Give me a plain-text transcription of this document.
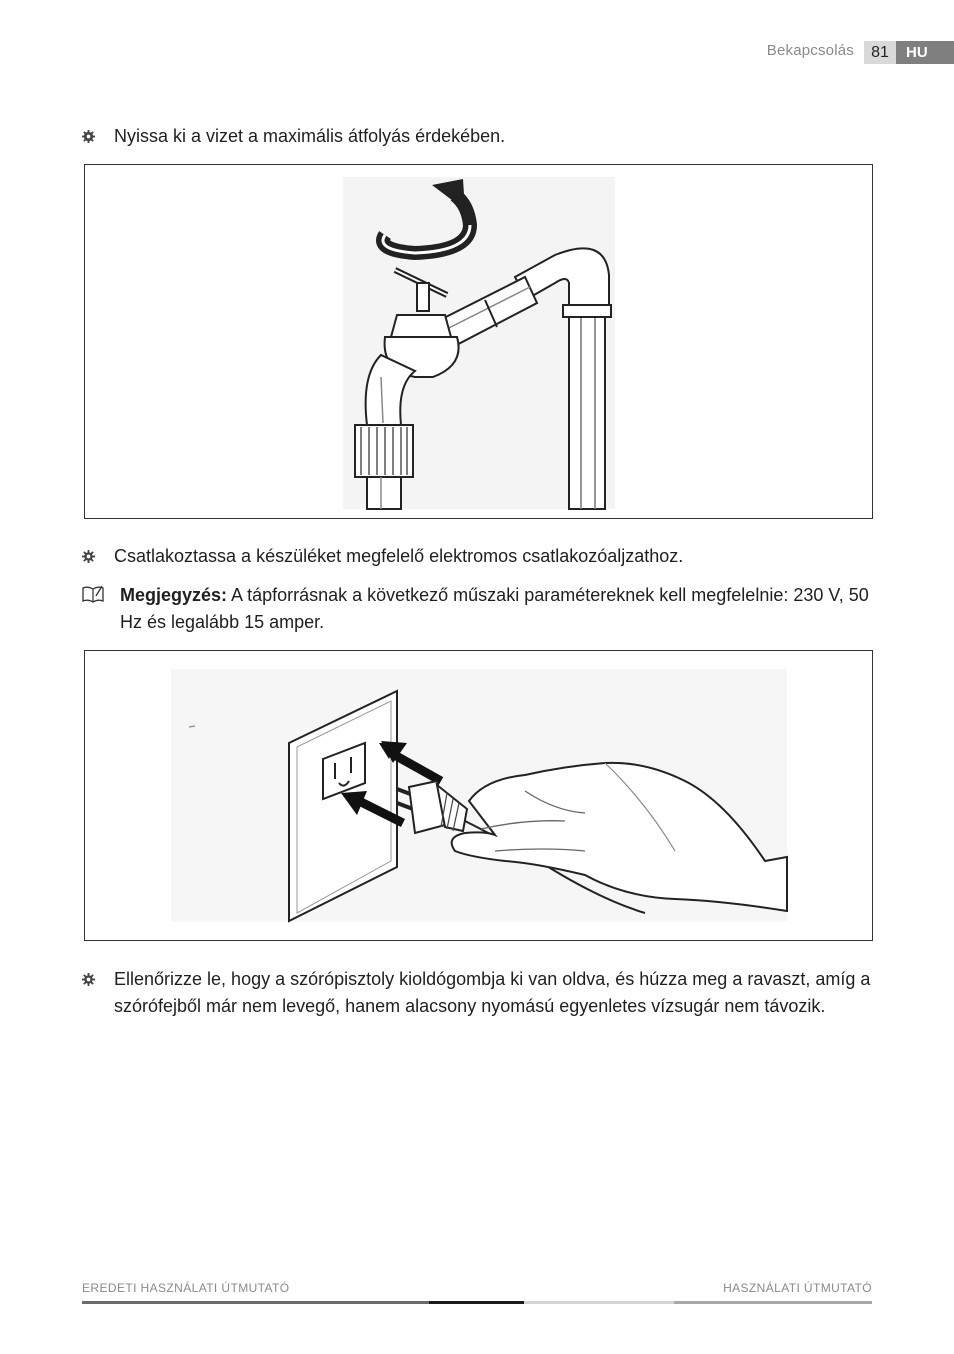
Bekapcsolás	81	HU
Nyissa ki a vizet a maximális átfolyás érdekében.
Csatlakoztassa a készüléket megfelelő elektromos csatlakozóaljzathoz.
Megjegyzés: A tápforrásnak a következő műszaki paramétereknek kell megfelelnie: 230 V, 50 Hz és legalább 15 amper.
Ellenőrizze le, hogy a szórópisztoly kioldógombja ki van oldva, és húzza meg a ravaszt, amíg a szórófejből már nem levegő, hanem alacsony nyomású egyenletes vízsugár nem távozik.
EREDETI HASZNÁLATI ÚTMUTATÓ	HASZNÁLATI ÚTMUTATÓ
